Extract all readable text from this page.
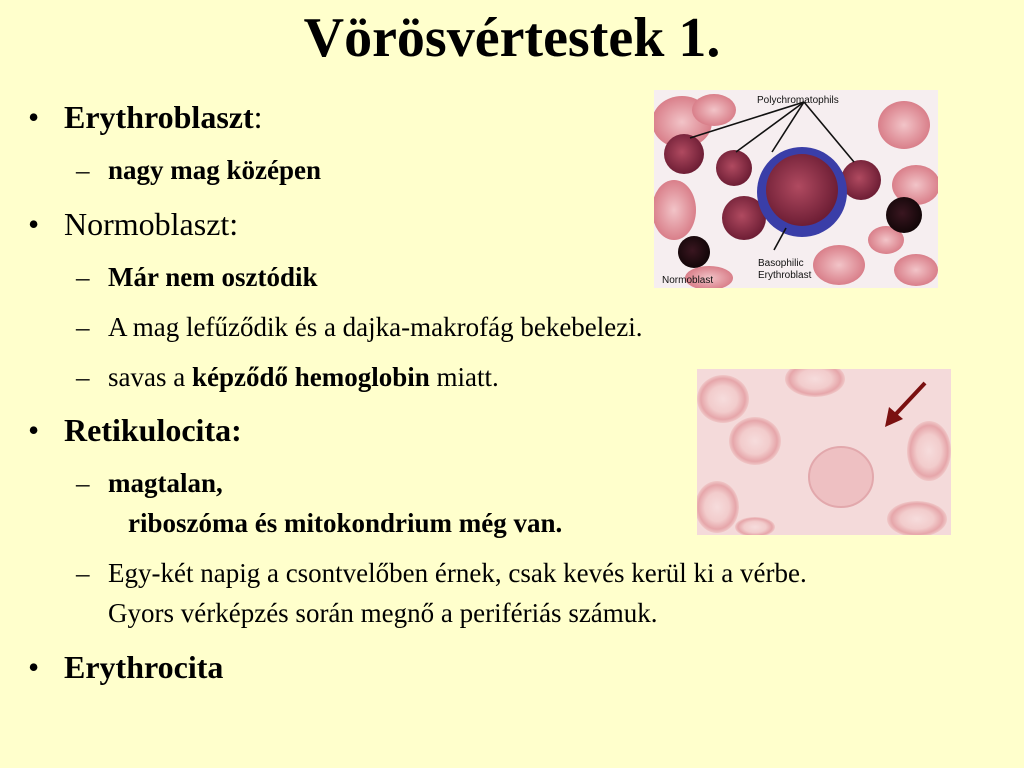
Vörösvértestek 1.
• Erythroblaszt:
– nagy mag középen
• Normoblaszt:
– Már nem osztódik
– A mag lefűződik és a dajka-makrofág bekebelezi.
– savas a képződő hemoglobin miatt.
• Retikulocita:
– magtalan,
riboszóma és mitokondrium még van.
– Egy-két napig a csontvelőben érnek, csak kevés kerül ki a vérbe.
Gyors vérképzés során megnő a perifériás számuk.
• Erythrocita
Polychromatophils
Normoblast
Basophilic
Erythroblast
